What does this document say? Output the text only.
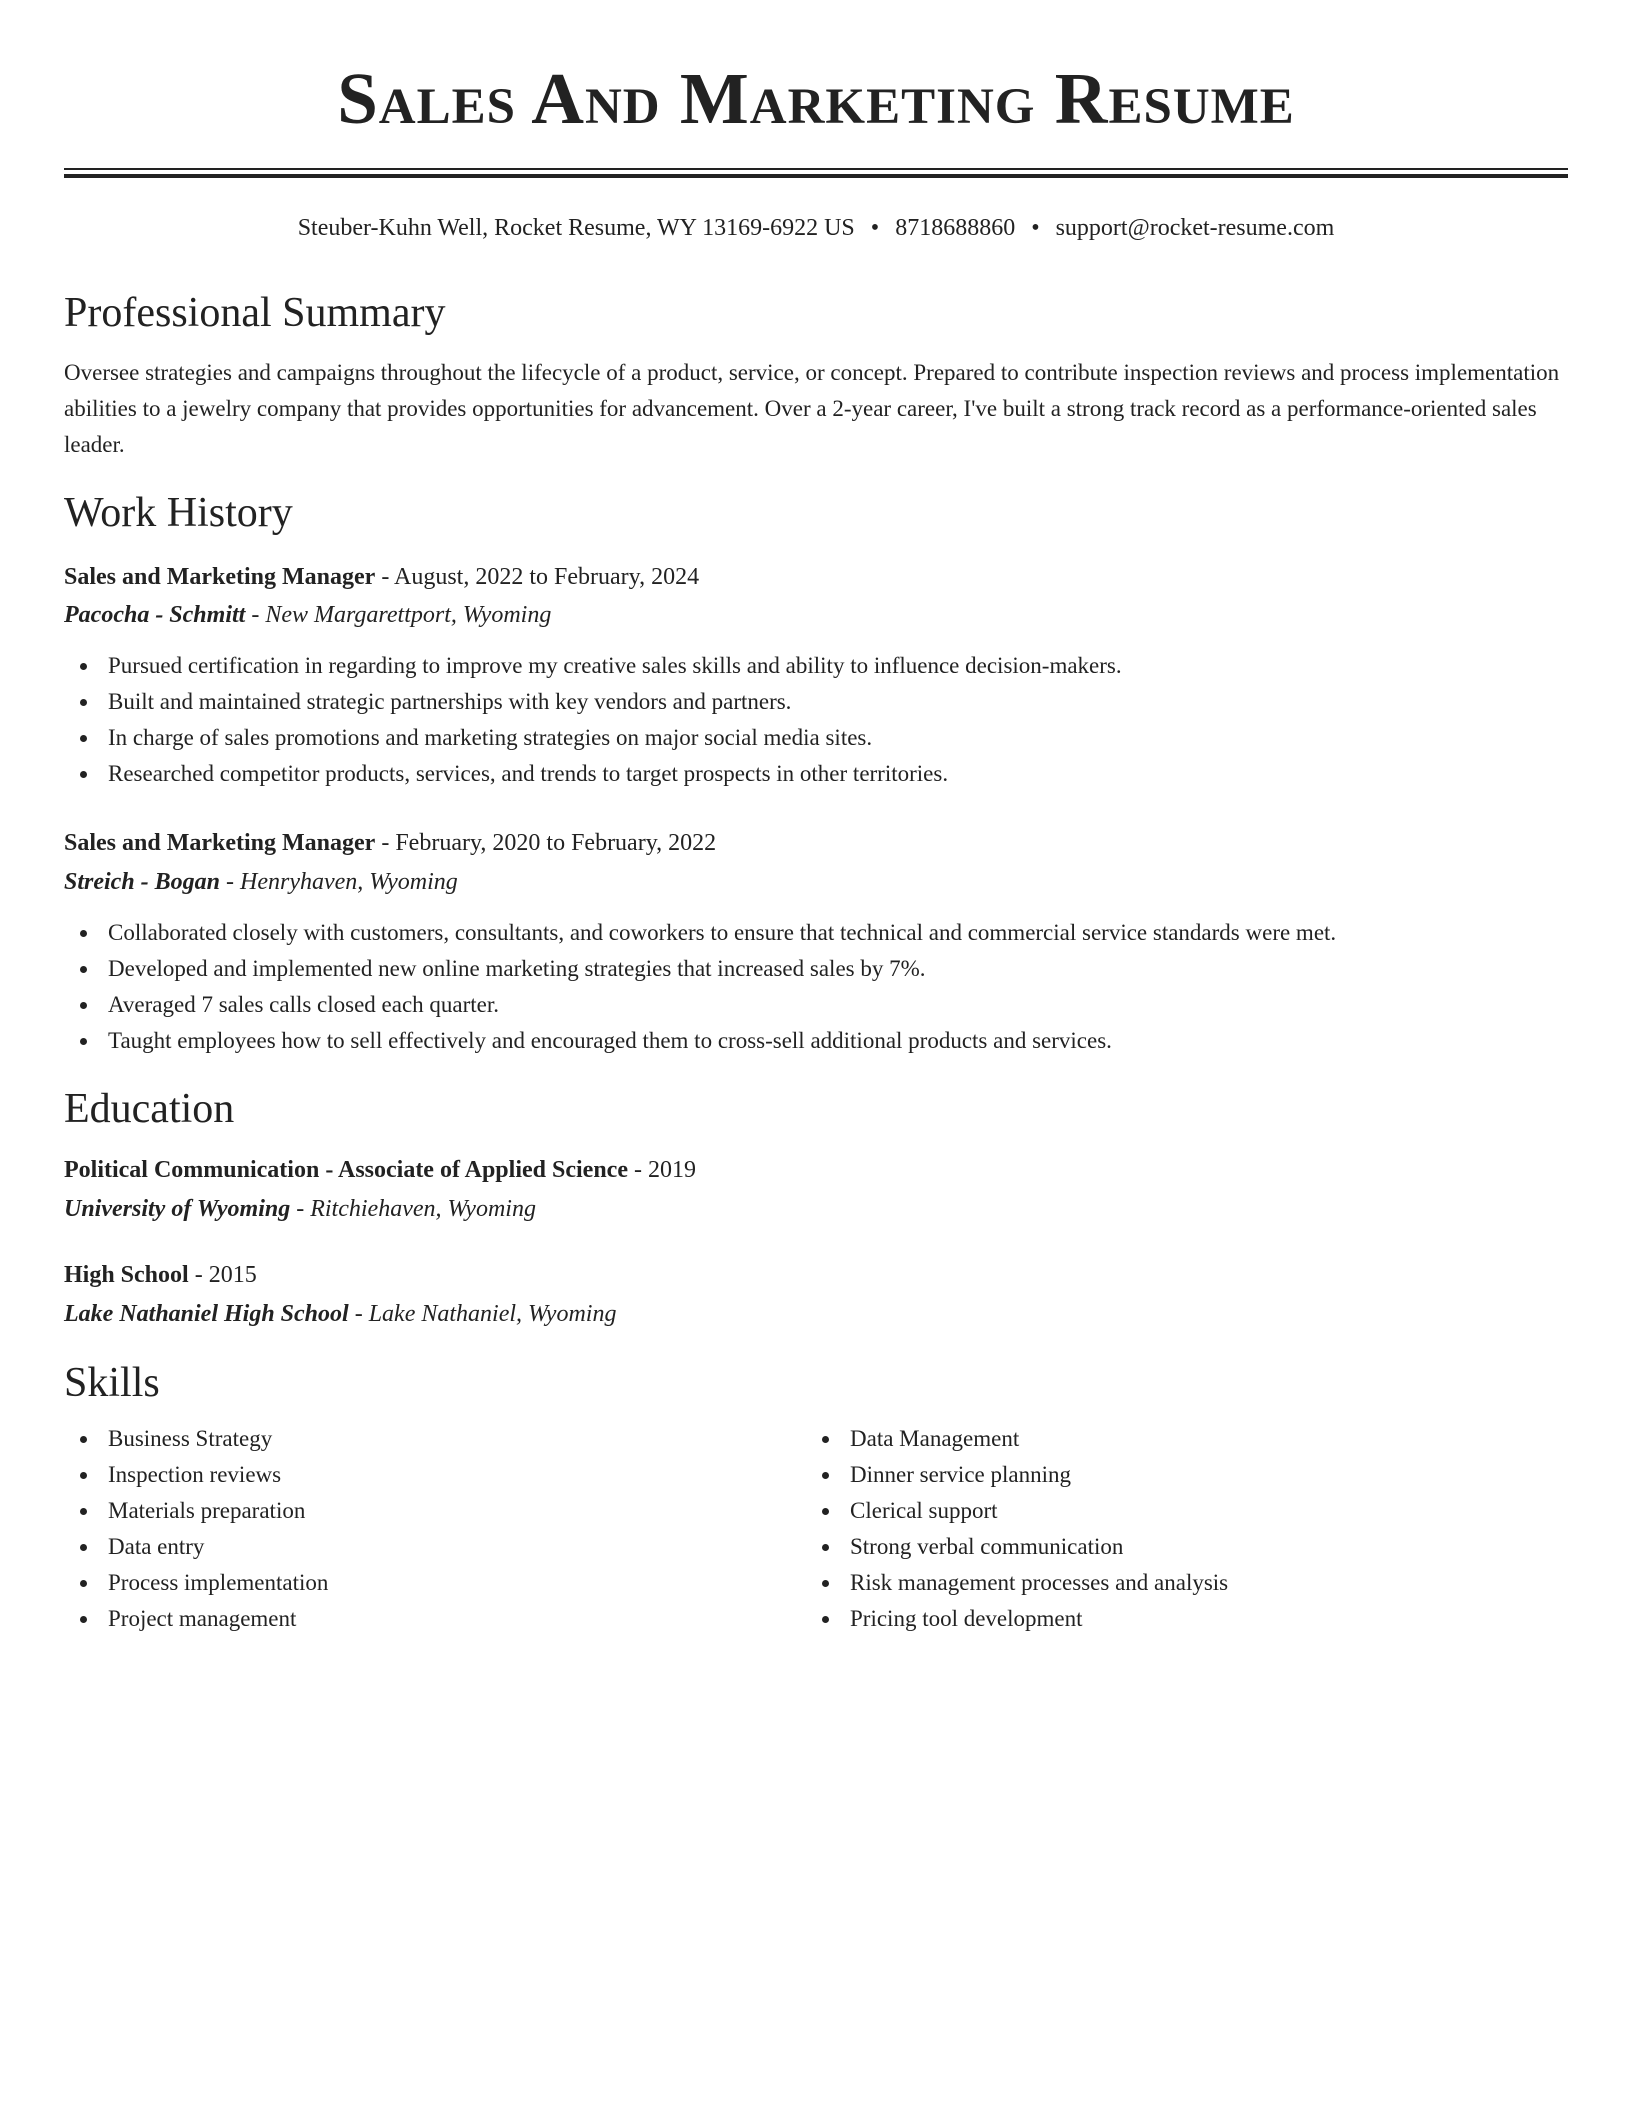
Sales And Marketing Resume
Steuber-Kuhn Well, Rocket Resume, WY 13169-6922 US • 8718688860 • support@rocket-resume.com
Professional Summary
Oversee strategies and campaigns throughout the lifecycle of a product, service, or concept. Prepared to contribute inspection reviews and process implementation abilities to a jewelry company that provides opportunities for advancement. Over a 2-year career, I've built a strong track record as a performance-oriented sales leader.
Work History
Sales and Marketing Manager - August, 2022 to February, 2024
Pacocha - Schmitt - New Margarettport, Wyoming
Pursued certification in regarding to improve my creative sales skills and ability to influence decision-makers.
Built and maintained strategic partnerships with key vendors and partners.
In charge of sales promotions and marketing strategies on major social media sites.
Researched competitor products, services, and trends to target prospects in other territories.
Sales and Marketing Manager - February, 2020 to February, 2022
Streich - Bogan - Henryhaven, Wyoming
Collaborated closely with customers, consultants, and coworkers to ensure that technical and commercial service standards were met.
Developed and implemented new online marketing strategies that increased sales by 7%.
Averaged 7 sales calls closed each quarter.
Taught employees how to sell effectively and encouraged them to cross-sell additional products and services.
Education
Political Communication - Associate of Applied Science - 2019
University of Wyoming - Ritchiehaven, Wyoming
High School - 2015
Lake Nathaniel High School - Lake Nathaniel, Wyoming
Skills
Business Strategy
Inspection reviews
Materials preparation
Data entry
Process implementation
Project management
Data Management
Dinner service planning
Clerical support
Strong verbal communication
Risk management processes and analysis
Pricing tool development
